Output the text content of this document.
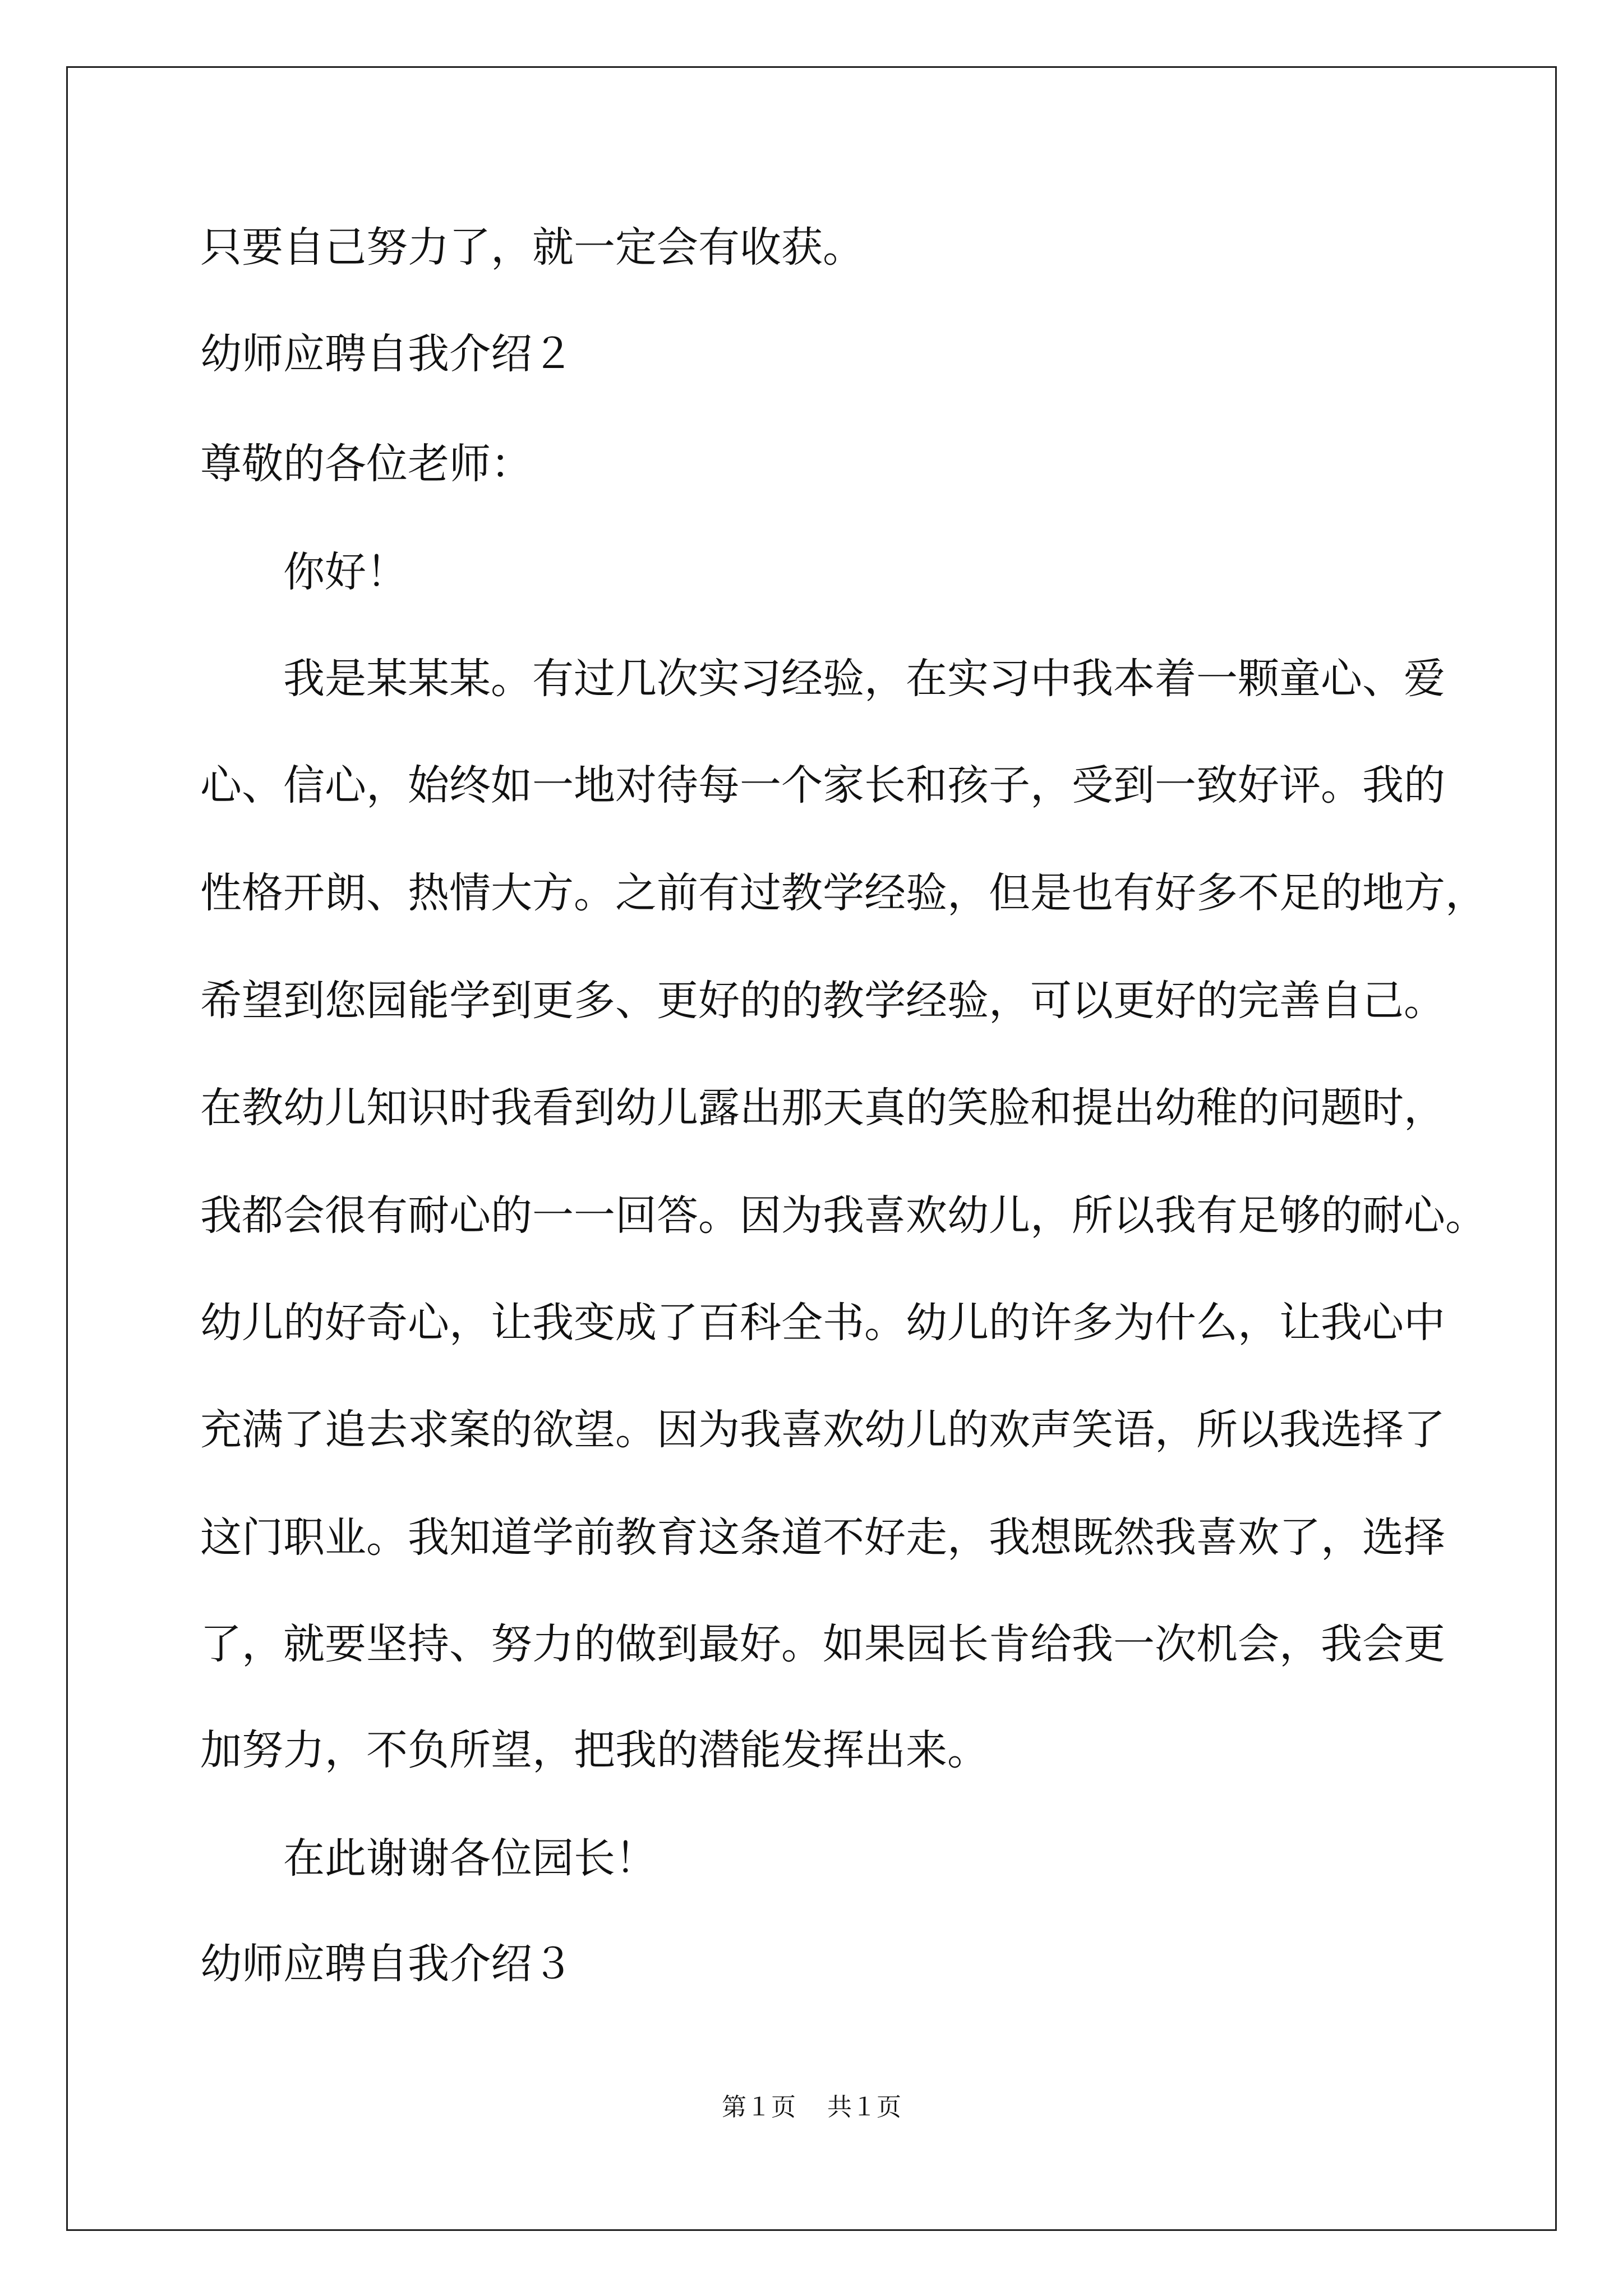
只要自己努力了，就一定会有收获。
幼师应聘自我介绍２
尊敬的各位老师：
你好！
我是某某某。有过几次实习经验，在实习中我本着一颗童心、爱
心、信心，始终如一地对待每一个家长和孩子，受到一致好评。我的
性格开朗、热情大方。之前有过教学经验，但是也有好多不足的地方，
希望到您园能学到更多、更好的的教学经验，可以更好的完善自己。
在教幼儿知识时我看到幼儿露出那天真的笑脸和提出幼稚的问题时，
我都会很有耐心的一一回答。因为我喜欢幼儿，所以我有足够的耐心。
幼儿的好奇心，让我变成了百科全书。幼儿的许多为什么，让我心中
充满了追去求案的欲望。因为我喜欢幼儿的欢声笑语，所以我选择了
这门职业。我知道学前教育这条道不好走，我想既然我喜欢了，选择
了，就要坚持、努力的做到最好。如果园长肯给我一次机会，我会更
加努力，不负所望，把我的潜能发挥出来。
在此谢谢各位园长！
幼师应聘自我介绍３
第１页 共１页
